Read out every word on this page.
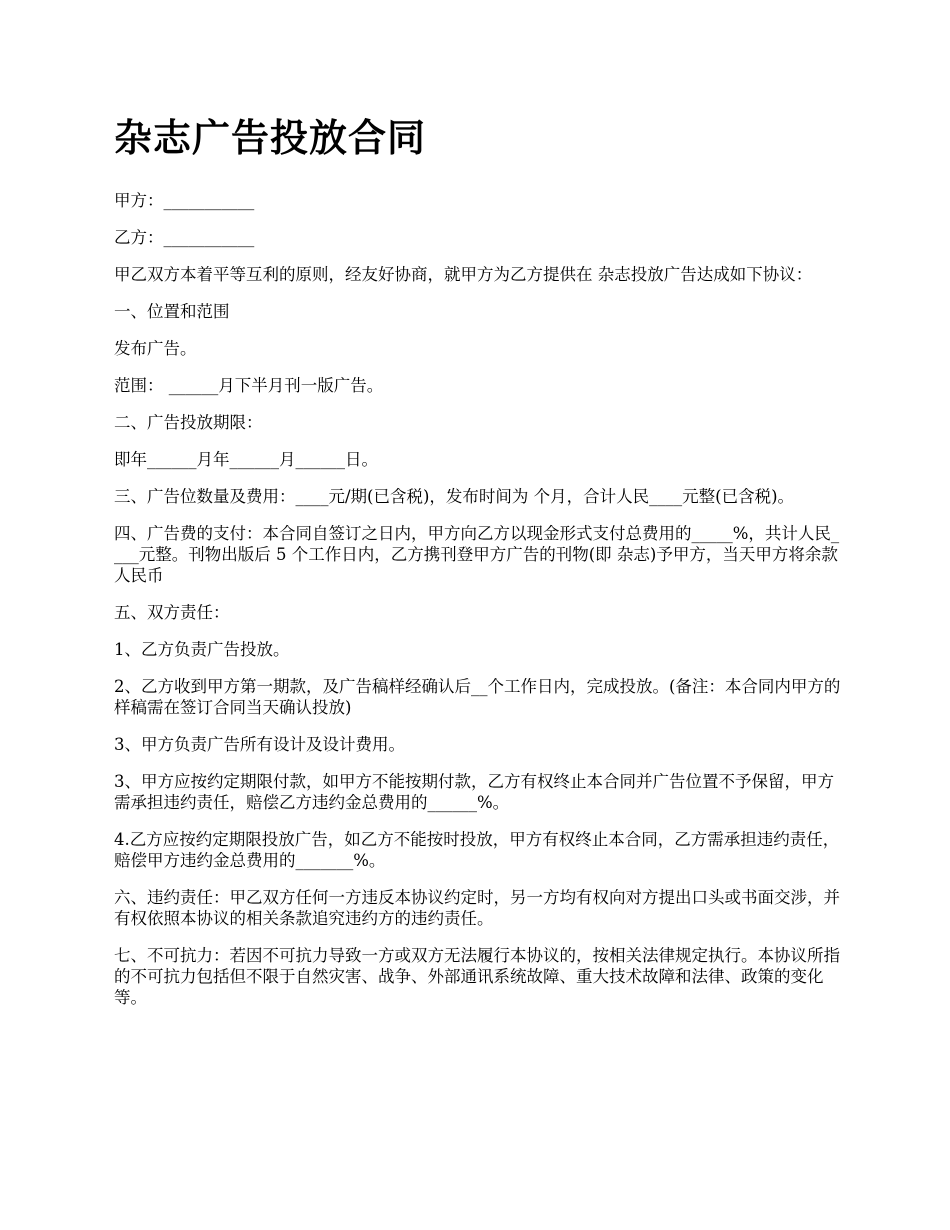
杂志广告投放合同

甲方：___________

乙方：___________

甲乙双方本着平等互利的原则，经友好协商，就甲方为乙方提供在 杂志投放广告达成如下协议：

一、位置和范围

发布广告。

范围： ______月下半月刊一版广告。

二、广告投放期限：

即年______月年______月______日。

三、广告位数量及费用：____元/期(已含税)，发布时间为 个月，合计人民____元整(已含税)。

四、广告费的支付：本合同自签订之日内，甲方向乙方以现金形式支付总费用的_____%，共计人民____元整。刊物出版后 5 个工作日内，乙方携刊登甲方广告的刊物(即 杂志)予甲方，当天甲方将余款人民币

五、双方责任：

1、乙方负责广告投放。

2、乙方收到甲方第一期款，及广告稿样经确认后__个工作日内，完成投放。(备注：本合同内甲方的样稿需在签订合同当天确认投放)

3、甲方负责广告所有设计及设计费用。

3、甲方应按约定期限付款，如甲方不能按期付款，乙方有权终止本合同并广告位置不予保留，甲方需承担违约责任，赔偿乙方违约金总费用的______%。

4.乙方应按约定期限投放广告，如乙方不能按时投放，甲方有权终止本合同，乙方需承担违约责任，赔偿甲方违约金总费用的_______%。

六、违约责任：甲乙双方任何一方违反本协议约定时，另一方均有权向对方提出口头或书面交涉，并有权依照本协议的相关条款追究违约方的违约责任。

七、不可抗力：若因不可抗力导致一方或双方无法履行本协议的，按相关法律规定执行。本协议所指的不可抗力包括但不限于自然灾害、战争、外部通讯系统故障、重大技术故障和法律、政策的变化等。
